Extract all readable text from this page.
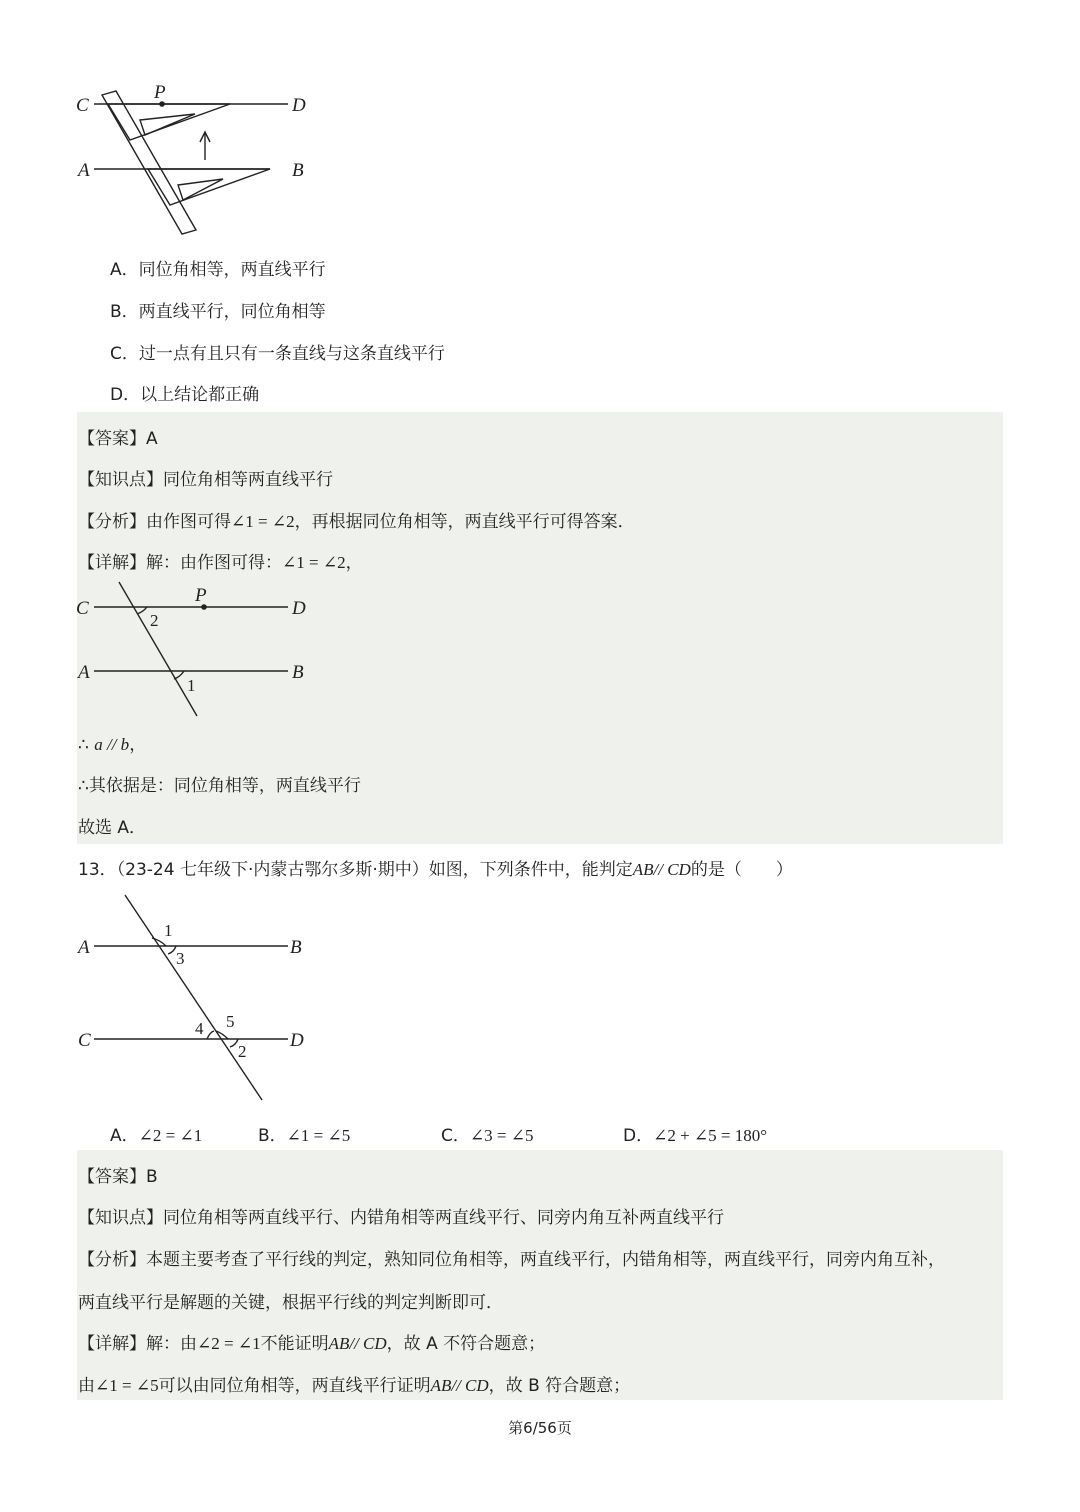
C
P
D
A	B
A．同位角相等，两直线平行
B．两直线平行，同位角相等
C．过一点有且只有一条直线与这条直线平行
D．以上结论都正确
【答案】A
【知识点】同位角相等两直线平行
【分析】由作图可得∠1 = ∠2，再根据同位角相等，两直线平行可得答案．
【详解】解：由作图可得：∠1 = ∠2，
C
P
D
A	B
2
1
∴ a // b，
∴其依据是：同位角相等，两直线平行
故选 A．
13．（23-24 七年级下·内蒙古鄂尔多斯·期中）如图，下列条件中，能判定AB// CD的是（　　）
A	B
C	D
1
3
4 5
2
A．∠2 = ∠1	B．∠1 = ∠5	C．∠3 = ∠5	D．∠2 + ∠5 = 180°
【答案】B
【知识点】同位角相等两直线平行、内错角相等两直线平行、同旁内角互补两直线平行
【分析】本题主要考查了平行线的判定，熟知同位角相等，两直线平行，内错角相等，两直线平行，同旁内角互补，
两直线平行是解题的关键，根据平行线的判定判断即可．
【详解】解：由∠2 = ∠1不能证明AB// CD，故 A 不符合题意；
由∠1 = ∠5可以由同位角相等，两直线平行证明AB// CD，故 B 符合题意；
第6/56页
